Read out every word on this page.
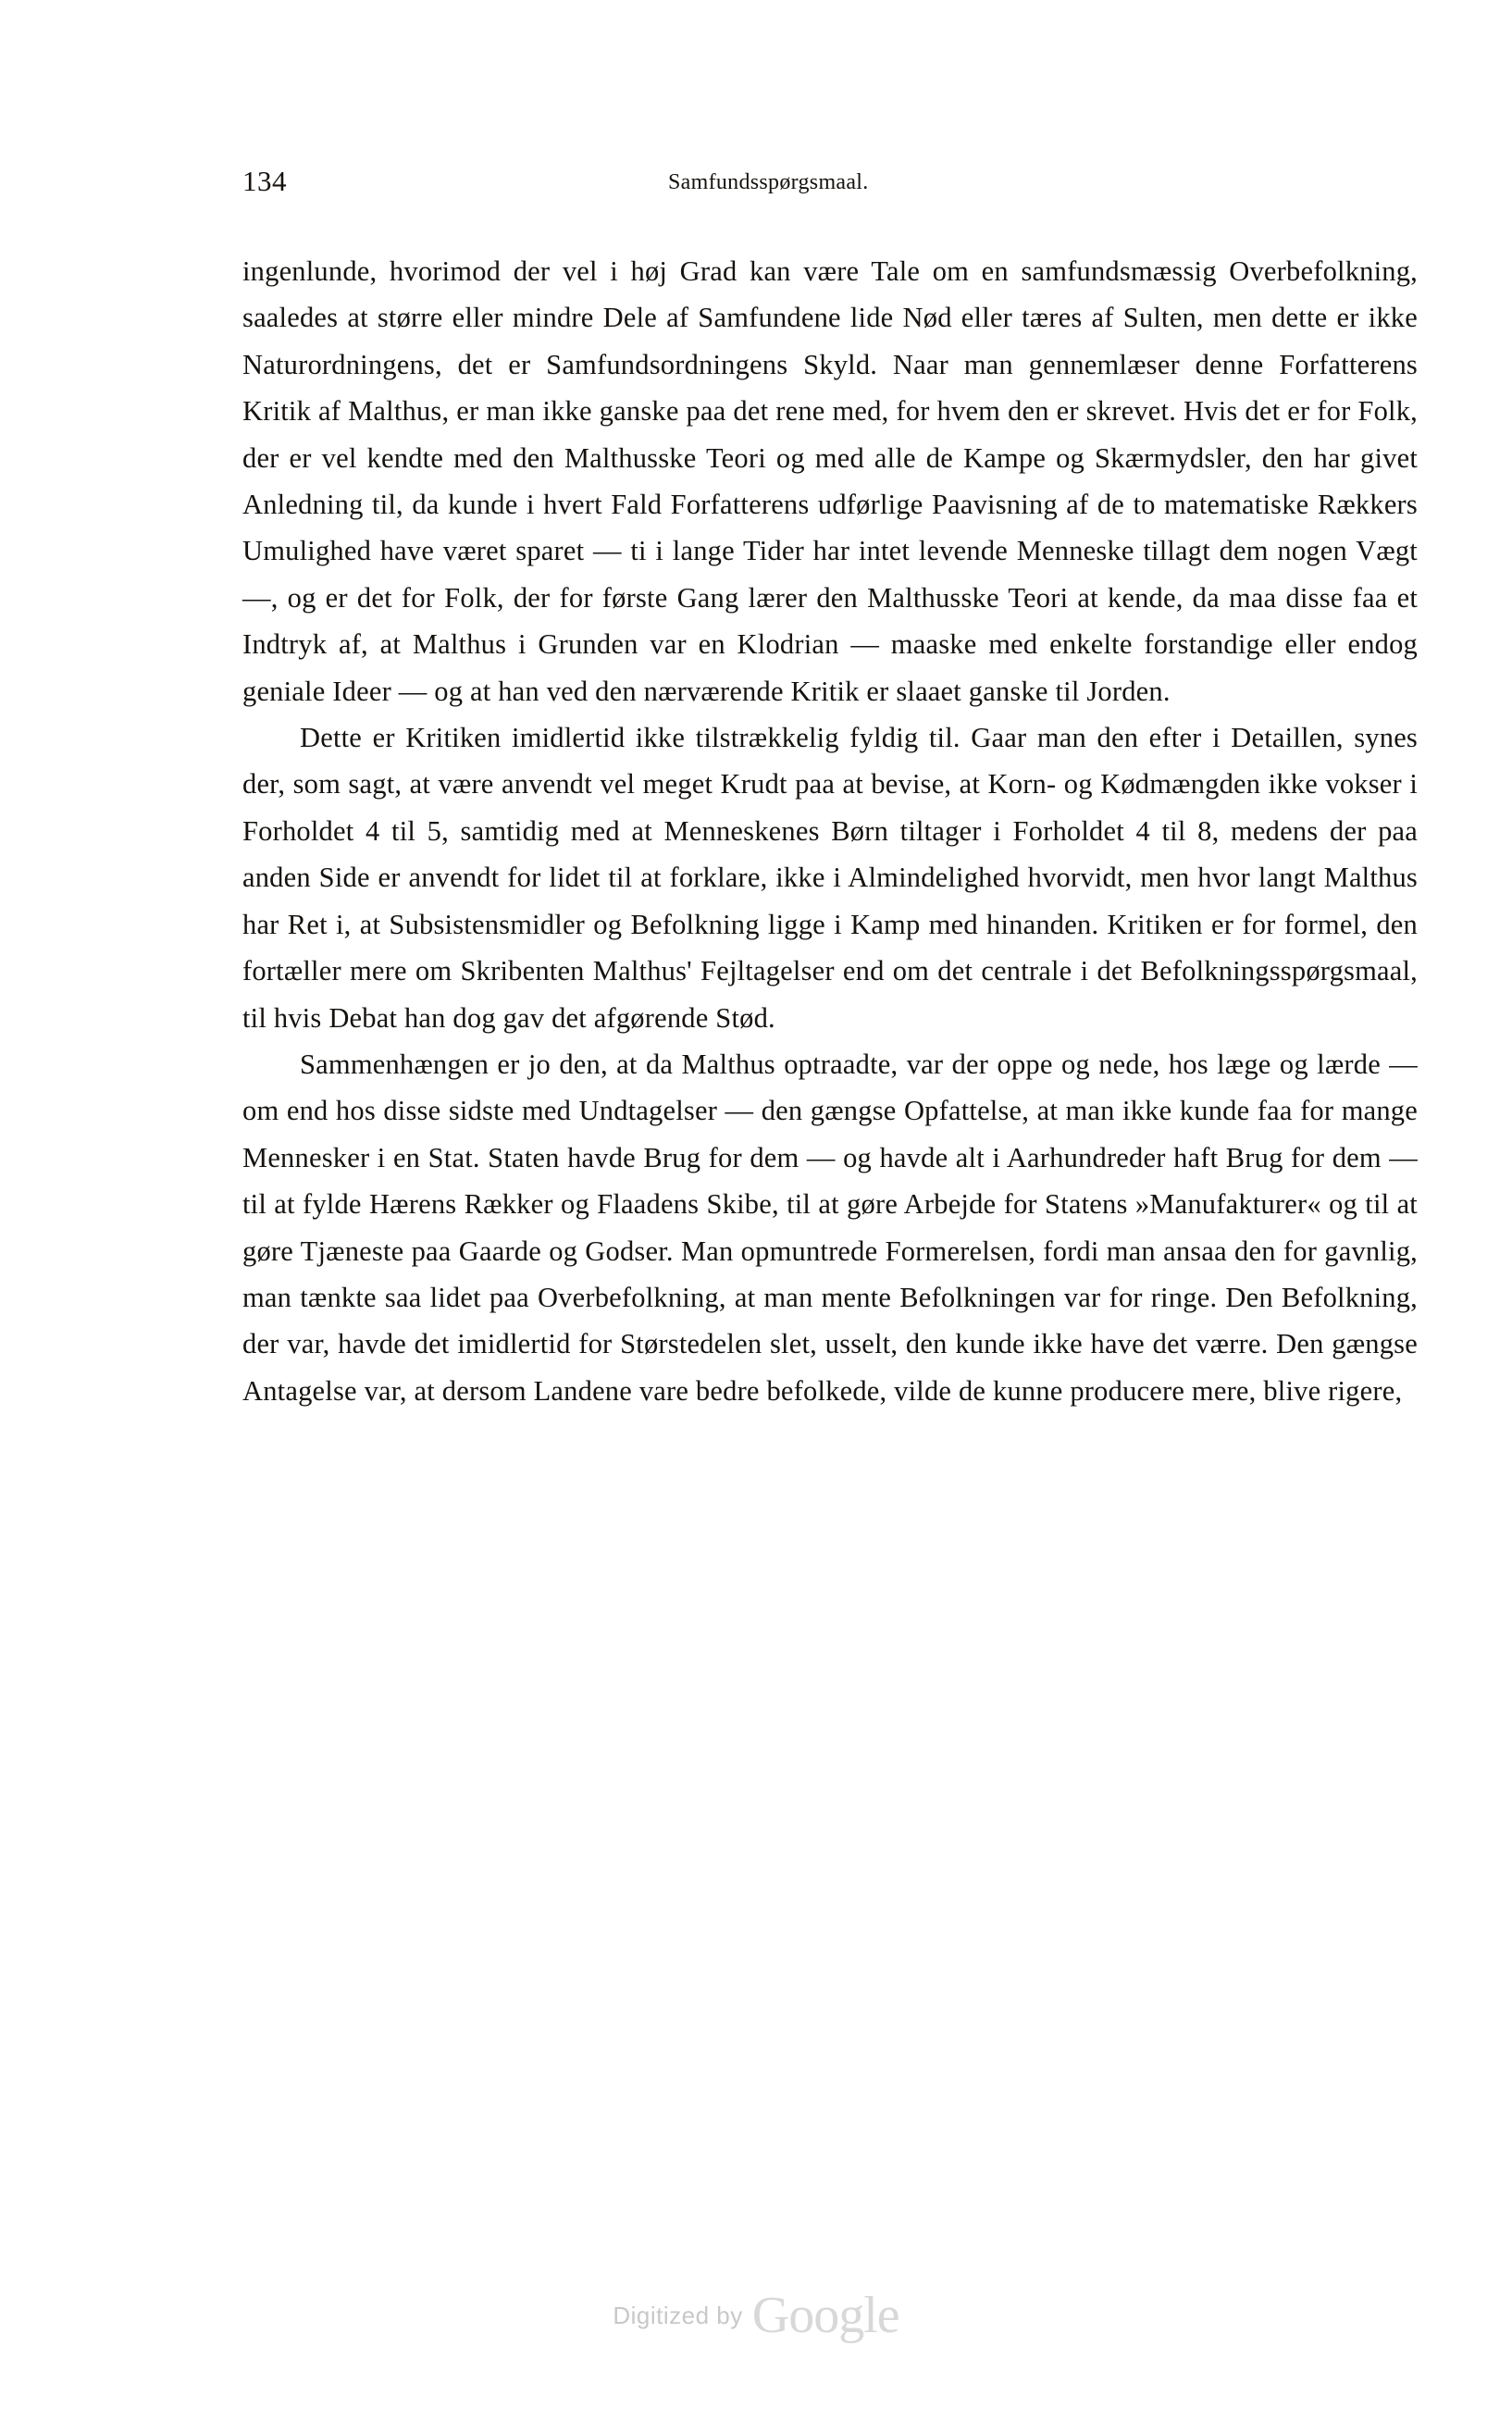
134	Samfundsspørgsmaal.

ingenlunde, hvorimod der vel i høj Grad kan være Tale om en samfundsmæssig Overbefolkning, saaledes at større eller mindre Dele af Samfundene lide Nød eller tæres af Sulten, men dette er ikke Naturordningens, det er Samfundsordningens Skyld. Naar man gennemlæser denne Forfatterens Kritik af Malthus, er man ikke ganske paa det rene med, for hvem den er skrevet. Hvis det er for Folk, der er vel kendte med den Malthusske Teori og med alle de Kampe og Skærmydsler, den har givet Anledning til, da kunde i hvert Fald Forfatterens udførlige Paavisning af de to matematiske Rækkers Umulighed have været sparet — ti i lange Tider har intet levende Menneske tillagt dem nogen Vægt —, og er det for Folk, der for første Gang lærer den Malthusske Teori at kende, da maa disse faa et Indtryk af, at Malthus i Grunden var en Klodrian — maaske med enkelte forstandige eller endog geniale Ideer — og at han ved den nærværende Kritik er slaaet ganske til Jorden.

Dette er Kritiken imidlertid ikke tilstrækkelig fyldig til. Gaar man den efter i Detaillen, synes der, som sagt, at være anvendt vel meget Krudt paa at bevise, at Korn- og Kødmængden ikke vokser i Forholdet 4 til 5, samtidig med at Menneskenes Børn tiltager i Forholdet 4 til 8, medens der paa anden Side er anvendt for lidet til at forklare, ikke i Almindelighed hvorvidt, men hvor langt Malthus har Ret i, at Subsistensmidler og Befolkning ligge i Kamp med hinanden. Kritiken er for formel, den fortæller mere om Skribenten Malthus' Fejltagelser end om det centrale i det Befolkningsspørgsmaal, til hvis Debat han dog gav det afgørende Stød.

Sammenhængen er jo den, at da Malthus optraadte, var der oppe og nede, hos læge og lærde — om end hos disse sidste med Undtagelser — den gængse Opfattelse, at man ikke kunde faa for mange Mennesker i en Stat. Staten havde Brug for dem — og havde alt i Aarhundreder haft Brug for dem — til at fylde Hærens Rækker og Flaadens Skibe, til at gøre Arbejde for Statens »Manufakturer« og til at gøre Tjæneste paa Gaarde og Godser. Man opmuntrede Formerelsen, fordi man ansaa den for gavnlig, man tænkte saa lidet paa Overbefolkning, at man mente Befolkningen var for ringe. Den Befolkning, der var, havde det imidlertid for Størstedelen slet, usselt, den kunde ikke have det værre. Den gængse Antagelse var, at dersom Landene vare bedre befolkede, vilde de kunne producere mere, blive rigere,

Digitized by Google
